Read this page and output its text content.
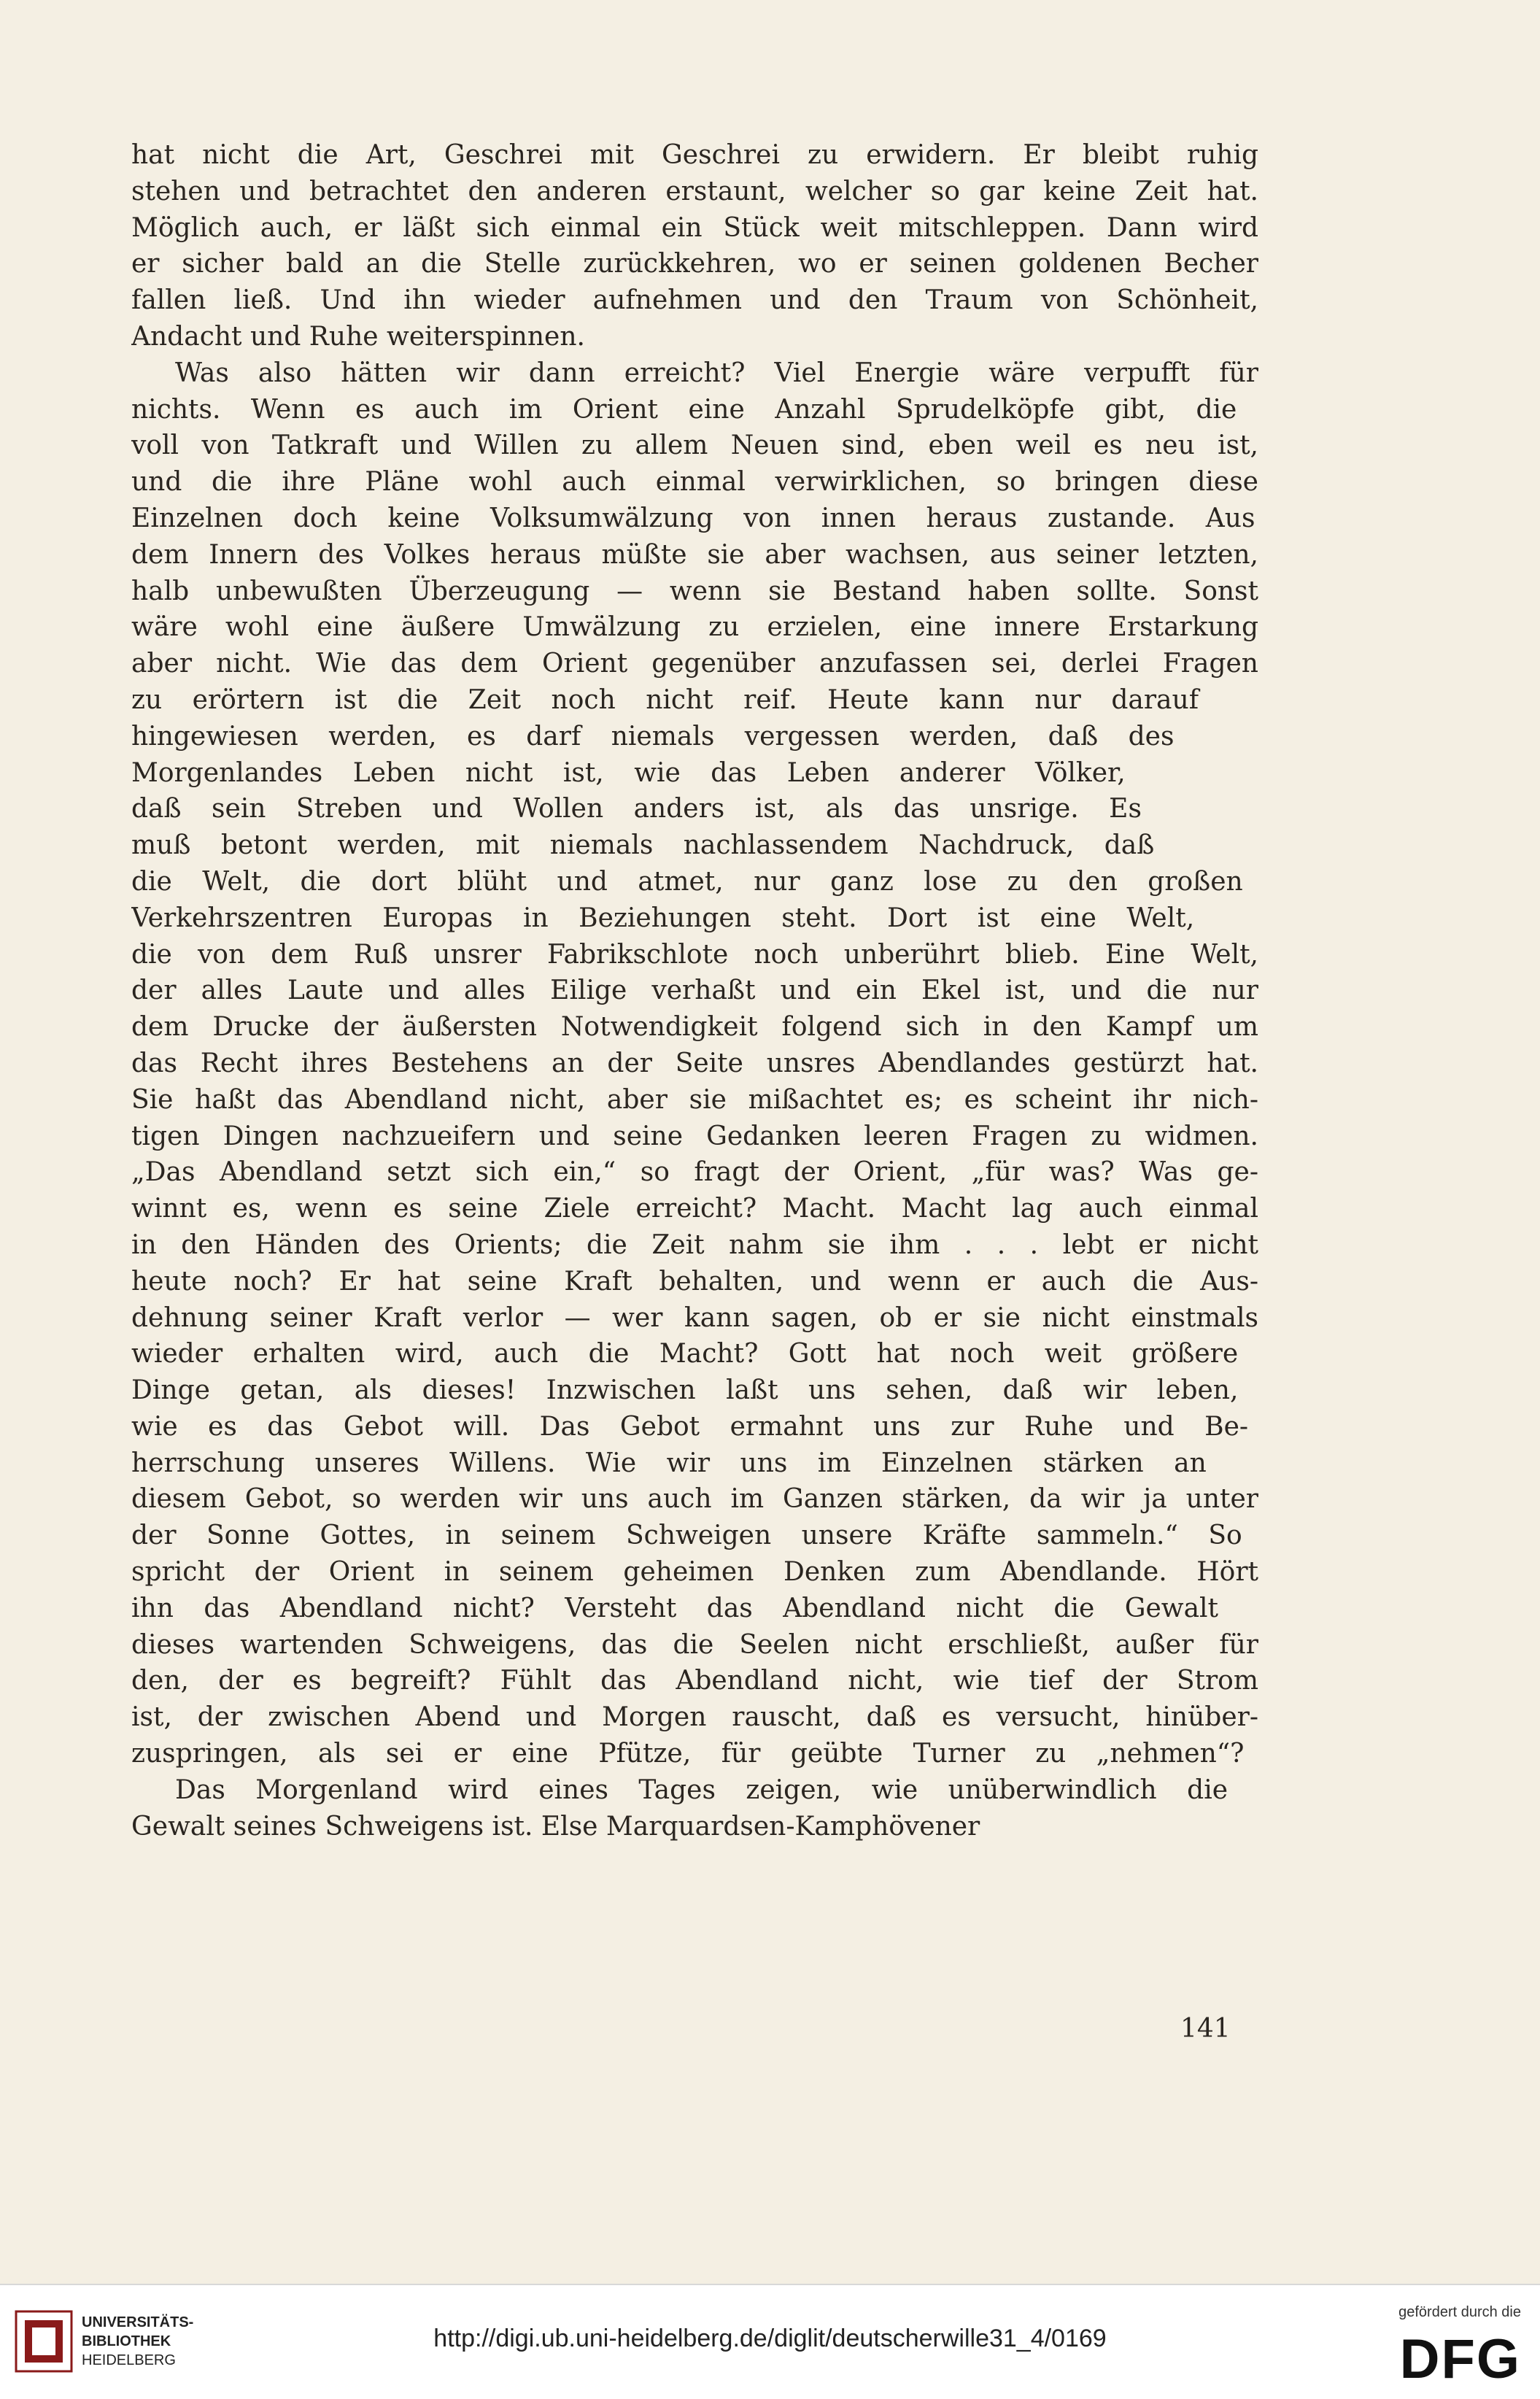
hat nicht die Art, Geschrei mit Geschrei zu erwidern. Er bleibt ruhig
stehen und betrachtet den anderen erstaunt, welcher so gar keine Zeit hat.
Möglich auch, er läßt sich einmal ein Stück weit mitschleppen. Dann wird
er sicher bald an die Stelle zurückkehren, wo er seinen goldenen Becher
fallen ließ. Und ihn wieder aufnehmen und den Traum von Schönheit,
Andacht und Ruhe weiterspinnen.
Was also hätten wir dann erreicht? Viel Energie wäre verpufft für
nichts. Wenn es auch im Orient eine Anzahl Sprudelköpfe gibt, die
voll von Tatkraft und Willen zu allem Neuen sind, eben weil es neu ist,
und die ihre Pläne wohl auch einmal verwirklichen, so bringen diese
Einzelnen doch keine Volksumwälzung von innen heraus zustande. Aus
dem Innern des Volkes heraus müßte sie aber wachsen, aus seiner letzten,
halb unbewußten Überzeugung — wenn sie Bestand haben sollte. Sonst
wäre wohl eine äußere Umwälzung zu erzielen, eine innere Erstarkung
aber nicht. Wie das dem Orient gegenüber anzufassen sei, derlei Fragen
zu erörtern ist die Zeit noch nicht reif. Heute kann nur darauf
hingewiesen werden, es darf niemals vergessen werden, daß des
Morgenlandes Leben nicht ist, wie das Leben anderer Völker,
daß sein Streben und Wollen anders ist, als das unsrige. Es
muß betont werden, mit niemals nachlassendem Nachdruck, daß
die Welt, die dort blüht und atmet, nur ganz lose zu den großen
Verkehrszentren Europas in Beziehungen steht. Dort ist eine Welt,
die von dem Ruß unsrer Fabrikschlote noch unberührt blieb. Eine Welt,
der alles Laute und alles Eilige verhaßt und ein Ekel ist, und die nur
dem Drucke der äußersten Notwendigkeit folgend sich in den Kampf um
das Recht ihres Bestehens an der Seite unsres Abendlandes gestürzt hat.
Sie haßt das Abendland nicht, aber sie mißachtet es; es scheint ihr nich-
tigen Dingen nachzueifern und seine Gedanken leeren Fragen zu widmen.
„Das Abendland setzt sich ein,“ so fragt der Orient, „für was? Was ge-
winnt es, wenn es seine Ziele erreicht? Macht. Macht lag auch einmal
in den Händen des Orients; die Zeit nahm sie ihm . . . lebt er nicht
heute noch? Er hat seine Kraft behalten, und wenn er auch die Aus-
dehnung seiner Kraft verlor — wer kann sagen, ob er sie nicht einstmals
wieder erhalten wird, auch die Macht? Gott hat noch weit größere
Dinge getan, als dieses! Inzwischen laßt uns sehen, daß wir leben,
wie es das Gebot will. Das Gebot ermahnt uns zur Ruhe und Be-
herrschung unseres Willens. Wie wir uns im Einzelnen stärken an
diesem Gebot, so werden wir uns auch im Ganzen stärken, da wir ja unter
der Sonne Gottes, in seinem Schweigen unsere Kräfte sammeln.“ So
spricht der Orient in seinem geheimen Denken zum Abendlande. Hört
ihn das Abendland nicht? Versteht das Abendland nicht die Gewalt
dieses wartenden Schweigens, das die Seelen nicht erschließt, außer für
den, der es begreift? Fühlt das Abendland nicht, wie tief der Strom
ist, der zwischen Abend und Morgen rauscht, daß es versucht, hinüber-
zuspringen, als sei er eine Pfütze, für geübte Turner zu „nehmen“?
Das Morgenland wird eines Tages zeigen, wie unüberwindlich die
Gewalt seines Schweigens ist. Else Marquardsen-Kamphövener
141
UNIVERSITÄTS-
BIBLIOTHEK
HEIDELBERG
http://digi.ub.uni-heidelberg.de/diglit/deutscherwille31_4/0169
gefördert durch die
DFG
